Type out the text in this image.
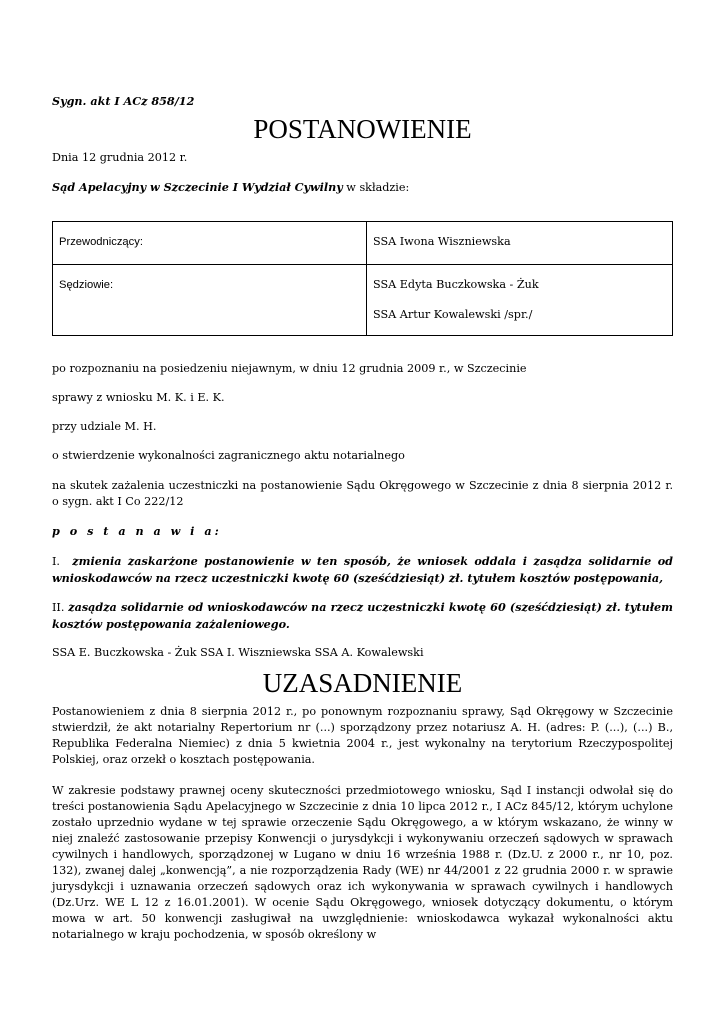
Sygn. akt I ACz 858/12
POSTANOWIENIE
Dnia 12 grudnia 2012 r.
Sąd Apelacyjny w Szczecinie I Wydział Cywilny w składzie:
Przewodniczący:	SSA Iwona Wiszniewska
Sędziowie:	SSA Edyta Buczkowska - Żuk
SSA Artur Kowalewski /spr./
po rozpoznaniu na posiedzeniu niejawnym, w dniu 12 grudnia 2009 r., w Szczecinie
sprawy z wniosku M. K. i E. K.
przy udziale M. H.
o stwierdzenie wykonalności zagranicznego aktu notarialnego
na skutek zażalenia uczestniczki na postanowienie Sądu Okręgowego w Szczecinie z dnia 8 sierpnia 2012 r. o sygn. akt I Co 222/12
p o s t a n a w i a:
I. zmienia zaskarżone postanowienie w ten sposób, że wniosek oddala i zasądza solidarnie od wnioskodawców na rzecz uczestniczki kwotę 60 (sześćdziesiąt) zł. tytułem kosztów postępowania,
II. zasądza solidarnie od wnioskodawców na rzecz uczestniczki kwotę 60 (sześćdziesiąt) zł. tytułem kosztów postępowania zażaleniowego.
SSA E. Buczkowska - Żuk SSA I. Wiszniewska SSA A. Kowalewski
UZASADNIENIE
Postanowieniem z dnia 8 sierpnia 2012 r., po ponownym rozpoznaniu sprawy, Sąd Okręgowy w Szczecinie stwierdził, że akt notarialny Repertorium nr (...) sporządzony przez notariusz A. H. (adres: P. (...), (...) B., Republika Federalna Niemiec) z dnia 5 kwietnia 2004 r., jest wykonalny na terytorium Rzeczypospolitej Polskiej, oraz orzekł o kosztach postępowania.
W zakresie podstawy prawnej oceny skuteczności przedmiotowego wniosku, Sąd I instancji odwołał się do treści postanowienia Sądu Apelacyjnego w Szczecinie z dnia 10 lipca 2012 r., I ACz 845/12, którym uchylone zostało uprzednio wydane w tej sprawie orzeczenie Sądu Okręgowego, a w którym wskazano, że winny w niej znaleźć zastosowanie przepisy Konwencji o jurysdykcji i wykonywaniu orzeczeń sądowych w sprawach cywilnych i handlowych, sporządzonej w Lugano w dniu 16 września 1988 r. (Dz.U. z 2000 r., nr 10, poz. 132), zwanej dalej „konwencją”, a nie rozporządzenia Rady (WE) nr 44/2001 z 22 grudnia 2000 r. w sprawie jurysdykcji i uznawania orzeczeń sądowych oraz ich wykonywania w sprawach cywilnych i handlowych (Dz.Urz. WE L 12 z 16.01.2001). W ocenie Sądu Okręgowego, wniosek dotyczący dokumentu, o którym mowa w art. 50 konwencji zasługiwał na uwzględnienie: wnioskodawca wykazał wykonalności aktu notarialnego w kraju pochodzenia, w sposób określony w
